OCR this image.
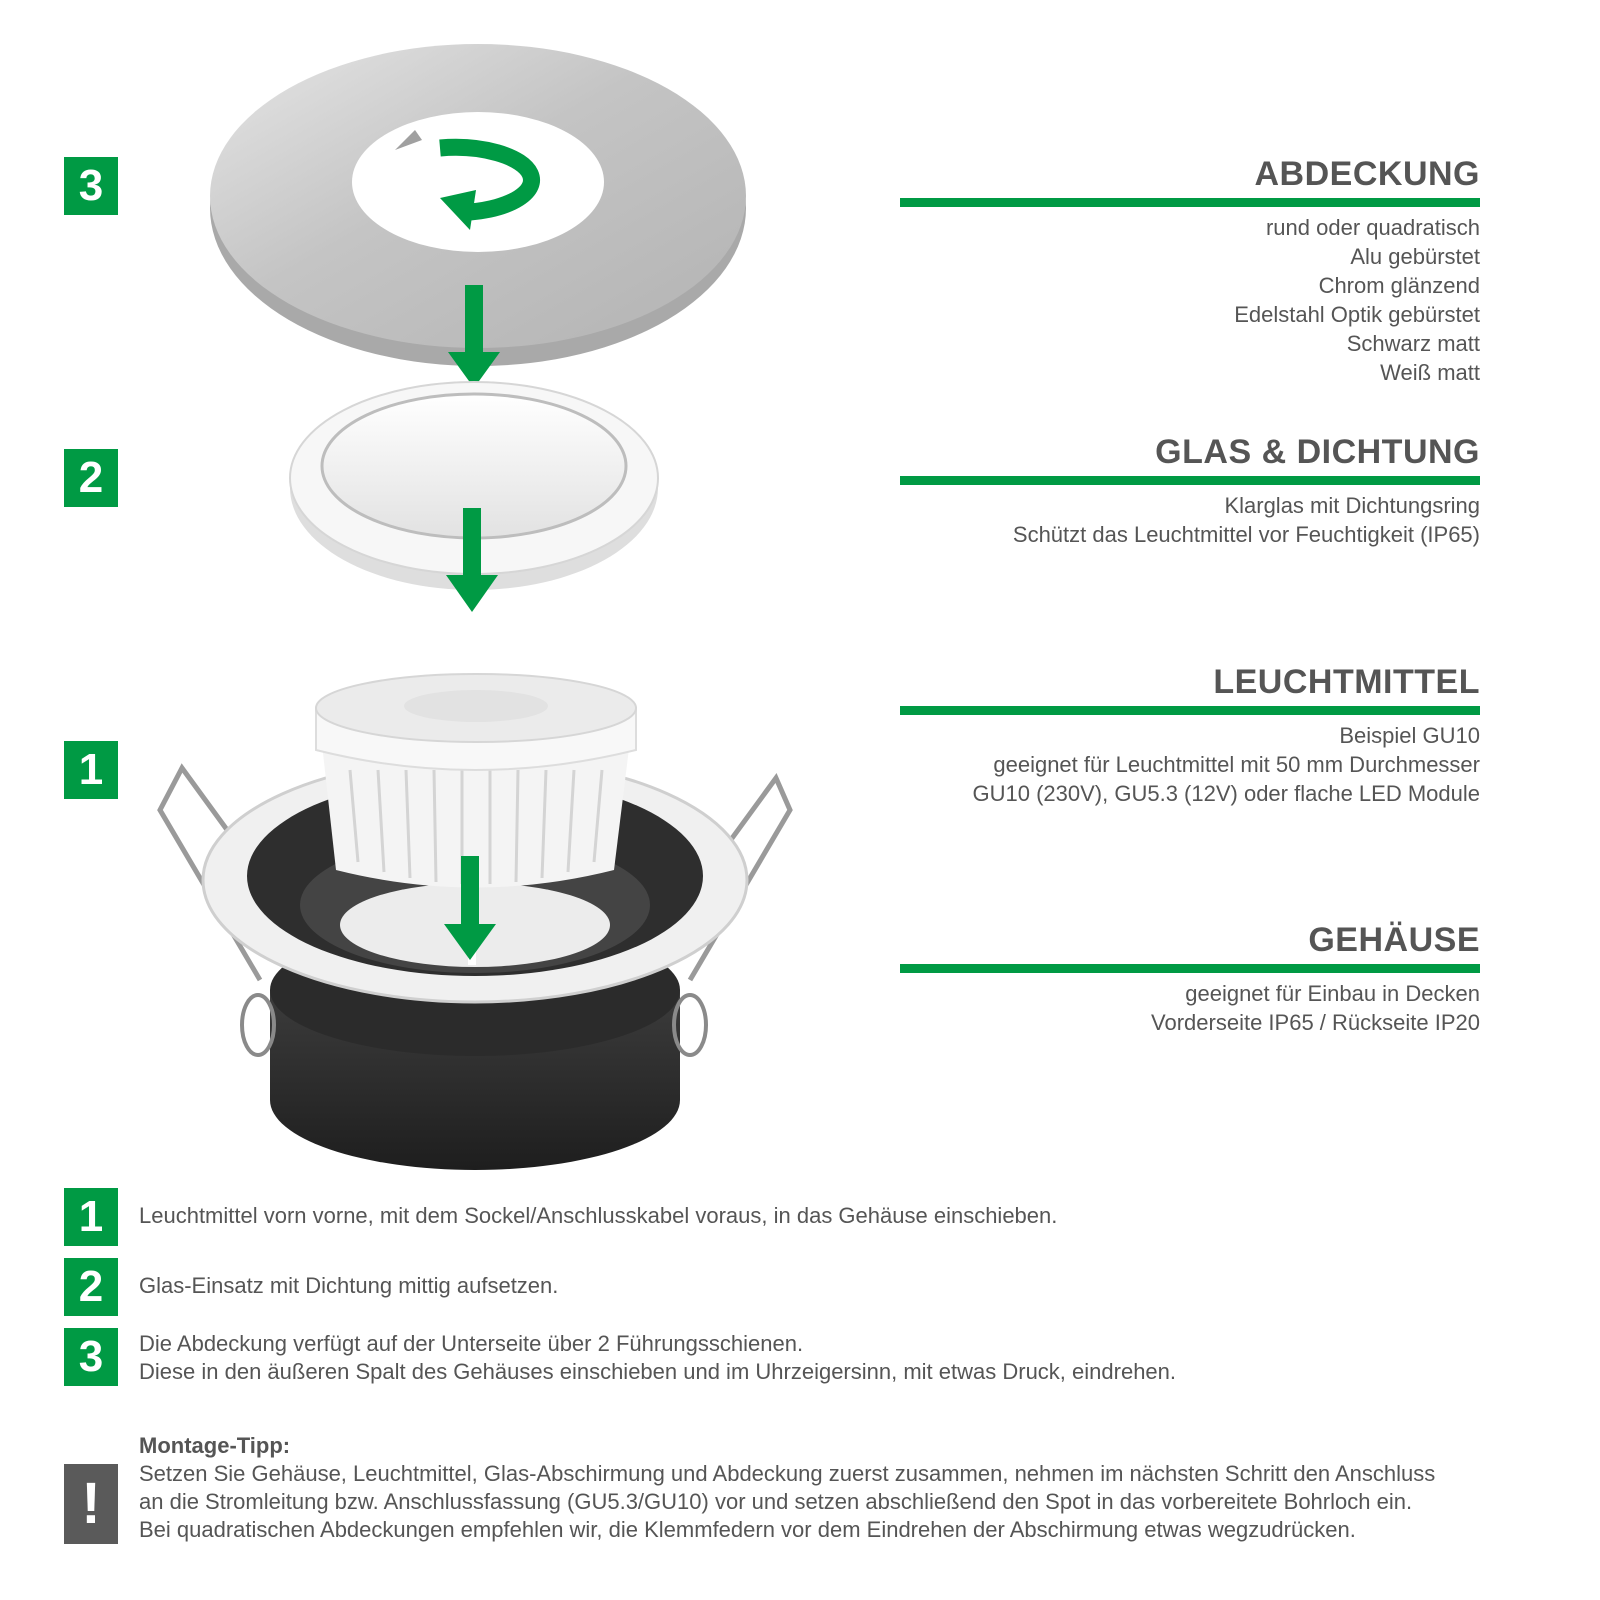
3
2
1
ABDECKUNG
rund oder quadratisch
Alu gebürstet
Chrom glänzend
Edelstahl Optik gebürstet
Schwarz matt
Weiß matt
GLAS & DICHTUNG
Klarglas mit Dichtungsring
Schützt das Leuchtmittel vor Feuchtigkeit (IP65)
LEUCHTMITTEL
Beispiel GU10
geeignet für Leuchtmittel mit 50 mm Durchmesser
GU10 (230V), GU5.3 (12V) oder flache LED Module
GEHÄUSE
geeignet für Einbau in Decken
Vorderseite IP65 / Rückseite IP20
1	Leuchtmittel vorn vorne, mit dem Sockel/Anschlusskabel voraus, in das Gehäuse einschieben.
2	Glas-Einsatz mit Dichtung mittig aufsetzen.
3	Die Abdeckung verfügt auf der Unterseite über 2 Führungsschienen.
Diese in den äußeren Spalt des Gehäuses einschieben und im Uhrzeigersinn, mit etwas Druck, eindrehen.
!
Montage-Tipp:
Setzen Sie Gehäuse, Leuchtmittel, Glas-Abschirmung und Abdeckung zuerst zusammen, nehmen im nächsten Schritt den Anschluss
an die Stromleitung bzw. Anschlussfassung (GU5.3/GU10) vor und setzen abschließend den Spot in das vorbereitete Bohrloch ein.
Bei quadratischen Abdeckungen empfehlen wir, die Klemmfedern vor dem Eindrehen der Abschirmung etwas wegzudrücken.
